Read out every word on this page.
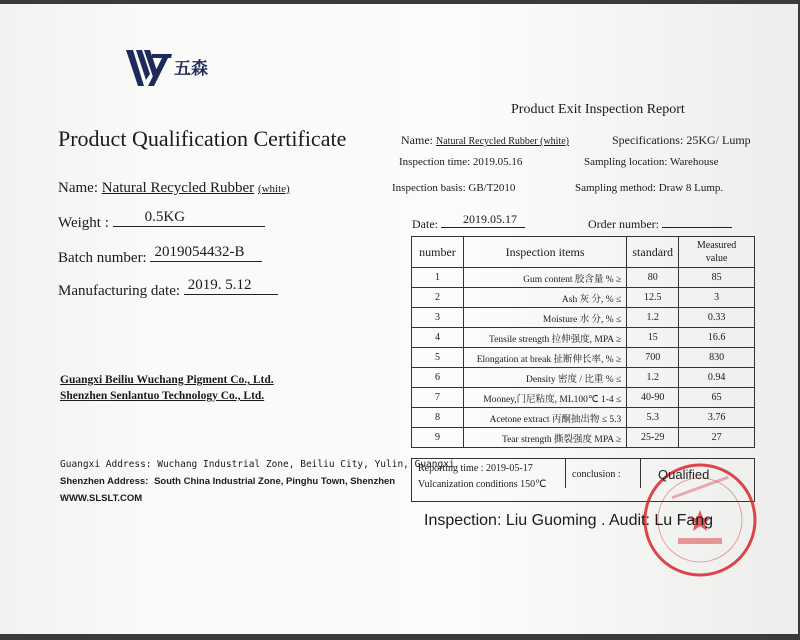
五森
Product Qualification Certificate
Name: Natural Recycled Rubber (white)
Weight : 0.5KG
Batch number: 2019054432-B
Manufacturing date: 2019. 5.12
Guangxi Beiliu Wuchang Pigment Co., Ltd.
Shenzhen Senlantuo Technology Co., Ltd.
Guangxi Address: Wuchang Industrial Zone, Beiliu City, Yulin, Guangxi
Shenzhen Address: South China Industrial Zone, Pinghu Town, Shenzhen
WWW.SLSLT.COM
Product Exit Inspection Report
Name: Natural Recycled Rubber (white)	Specifications: 25KG/ Lump
Inspection time: 2019.05.16	Sampling location: Warehouse
Inspection basis: GB/T2010	Sampling method: Draw 8 Lump.
Date: 2019.05.17	Order number:
number	Inspection items	standard	Measured
value
1	Gum content 胶含量 % ≥	80	85
2	Ash 灰 分, % ≤	12.5	3
3	Moisture 水 分, % ≤	1.2	0.33
4	Tensile strength 拉伸强度, MPA ≥	15	16.6
5	Elongation at break 扯断伸长率, % ≥	700	830
6	Density 密度 / 比重 % ≤	1.2	0.94
7	Mooney,门尼粘度, ML100℃ 1-4 ≤	40-90	65
8	Acetone extract 丙酮抽出物 ≤ 5.3	5.3	3.76
9	Tear strength 撕裂强度 MPA ≥	25-29	27
Reporting time : 2019-05-17
Vulcanization conditions 150℃
conclusion :	Qualified
Inspection: Liu Guoming . Audit: Lu Fang
